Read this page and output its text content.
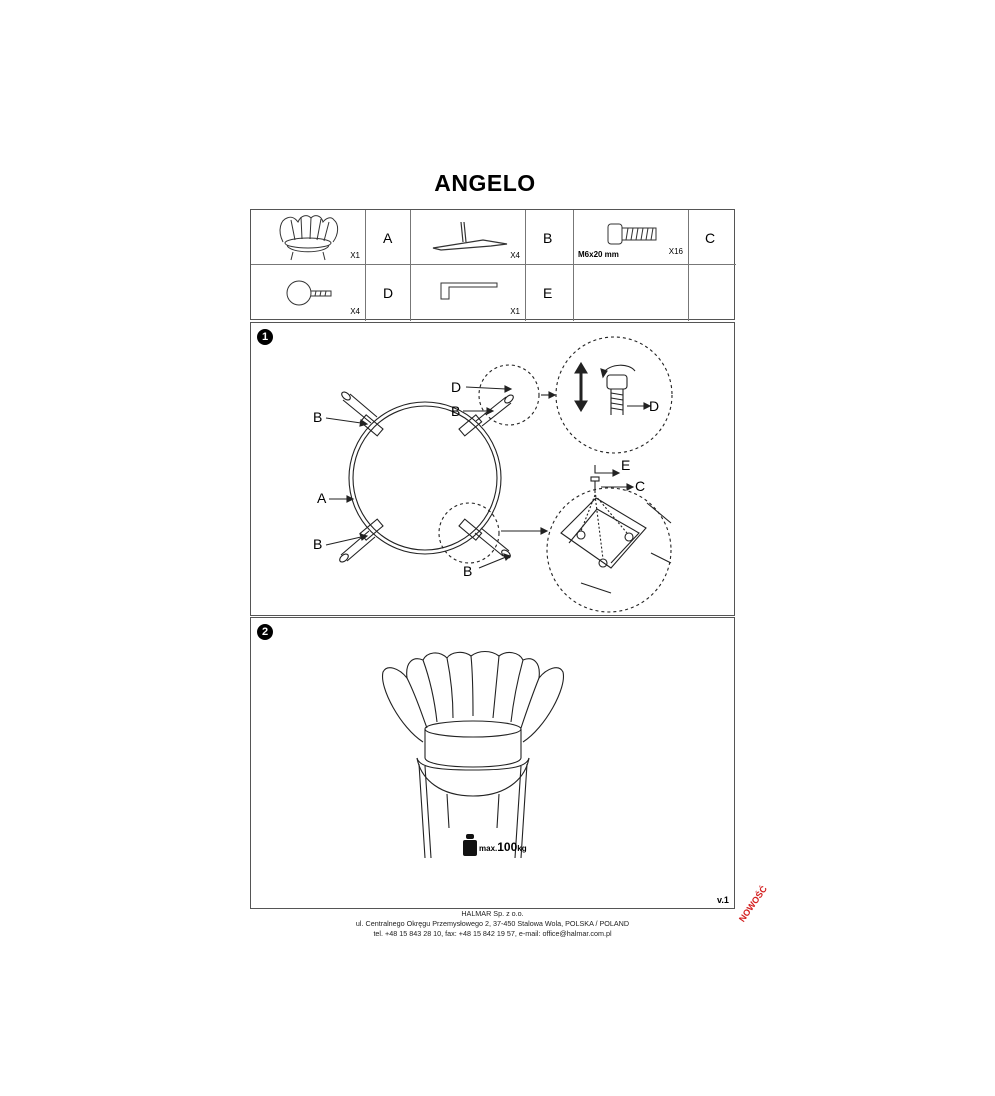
ANGELO
X1
A
X4
B
M6x20 mm	X16
C
X4
D
X1
E
1
B
D
B
A
B
B
D
E
C
2
max.100kg
v.1
HALMAR Sp. z o.o.
ul. Centralnego Okręgu Przemysłowego 2, 37-450 Stalowa Wola, POLSKA / POLAND
tel. +48 15 843 28 10, fax: +48 15 842 19 57, e-mail: office@halmar.com.pl
NOWOŚĆ
